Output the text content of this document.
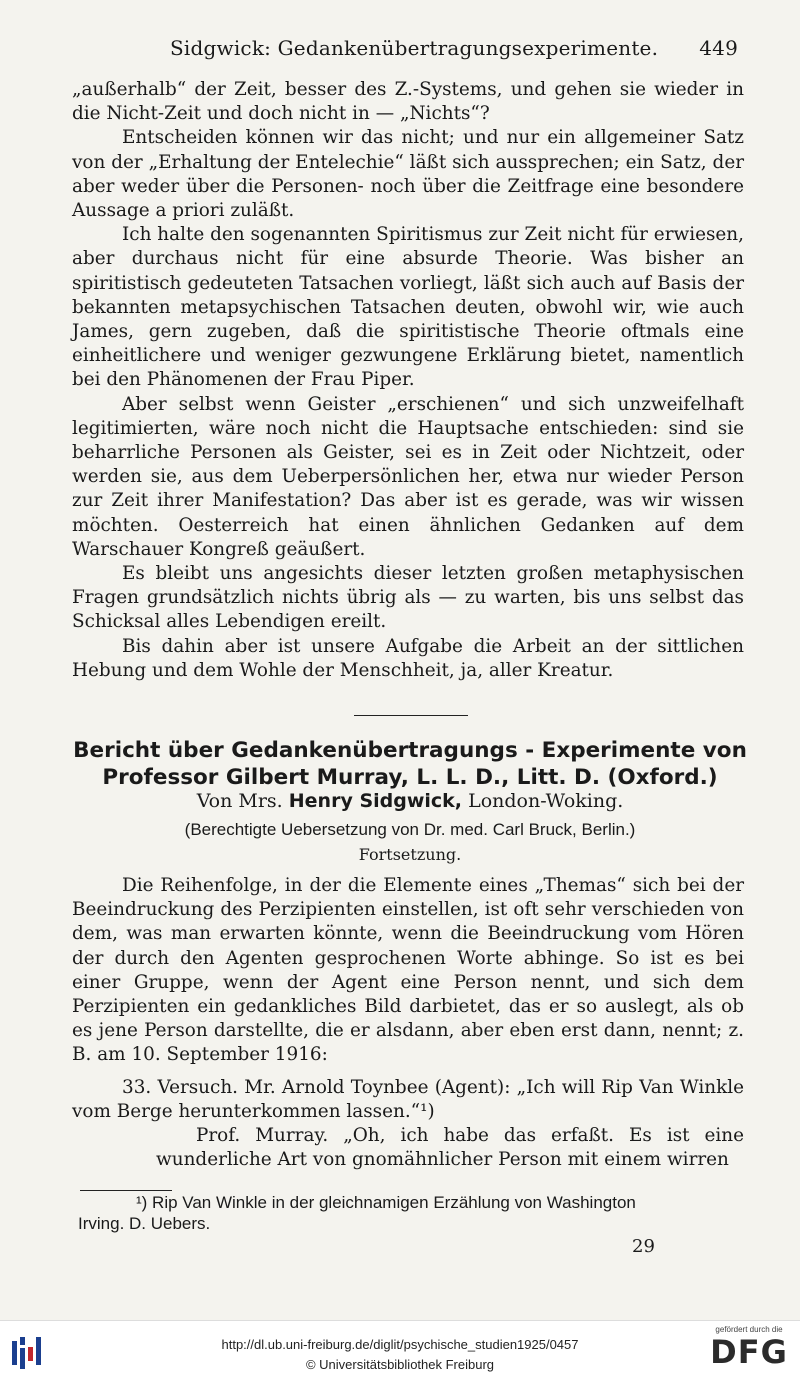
Sidgwick: Gedankenübertragungsexperimente. 449

„außerhalb“ der Zeit, besser des Z.-Systems, und gehen sie wieder in die Nicht-Zeit und doch nicht in — „Nichts“?

Entscheiden können wir das nicht; und nur ein allgemeiner Satz von der „Erhaltung der Entelechie“ läßt sich aussprechen; ein Satz, der aber weder über die Personen- noch über die Zeitfrage eine besondere Aussage a priori zuläßt.

Ich halte den sogenannten Spiritismus zur Zeit nicht für erwiesen, aber durchaus nicht für eine absurde Theorie. Was bisher an spiritistisch gedeuteten Tatsachen vorliegt, läßt sich auch auf Basis der bekannten metapsychischen Tatsachen deuten, obwohl wir, wie auch James, gern zugeben, daß die spiritistische Theorie oftmals eine einheitlichere und weniger gezwungene Erklärung bietet, namentlich bei den Phänomenen der Frau Piper.

Aber selbst wenn Geister „erschienen“ und sich unzweifelhaft legitimierten, wäre noch nicht die Hauptsache entschieden: sind sie beharrliche Personen als Geister, sei es in Zeit oder Nichtzeit, oder werden sie, aus dem Ueberpersönlichen her, etwa nur wieder Person zur Zeit ihrer Manifestation? Das aber ist es gerade, was wir wissen möchten. Oesterreich hat einen ähnlichen Gedanken auf dem Warschauer Kongreß geäußert.

Es bleibt uns angesichts dieser letzten großen metaphysischen Fragen grundsätzlich nichts übrig als — zu warten, bis uns selbst das Schicksal alles Lebendigen ereilt.

Bis dahin aber ist unsere Aufgabe die Arbeit an der sittlichen Hebung und dem Wohle der Menschheit, ja, aller Kreatur.

Bericht über Gedankenübertragungs - Experimente von
Professor Gilbert Murray, L. L. D., Litt. D. (Oxford.)
Von Mrs. Henry Sidgwick, London-Woking.
(Berechtigte Uebersetzung von Dr. med. Carl Bruck, Berlin.)
Fortsetzung.

Die Reihenfolge, in der die Elemente eines „Themas“ sich bei der Beeindruckung des Perzipienten einstellen, ist oft sehr verschieden von dem, was man erwarten könnte, wenn die Beeindruckung vom Hören der durch den Agenten gesprochenen Worte abhinge. So ist es bei einer Gruppe, wenn der Agent eine Person nennt, und sich dem Perzipienten ein gedankliches Bild darbietet, das er so auslegt, als ob es jene Person darstellte, die er alsdann, aber eben erst dann, nennt; z. B. am 10. September 1916:

33. Versuch. Mr. Arnold Toynbee (Agent): „Ich will Rip Van Winkle vom Berge herunterkommen lassen.“¹)

Prof. Murray. „Oh, ich habe das erfaßt. Es ist eine wunderliche Art von gnomähnlicher Person mit einem wirren

¹) Rip Van Winkle in der gleichnamigen Erzählung von Washington
Irving. D. Uebers.
29
http://dl.ub.uni-freiburg.de/diglit/psychische_studien1925/0457
© Universitätsbibliothek Freiburg
gefördert durch die
DFG
